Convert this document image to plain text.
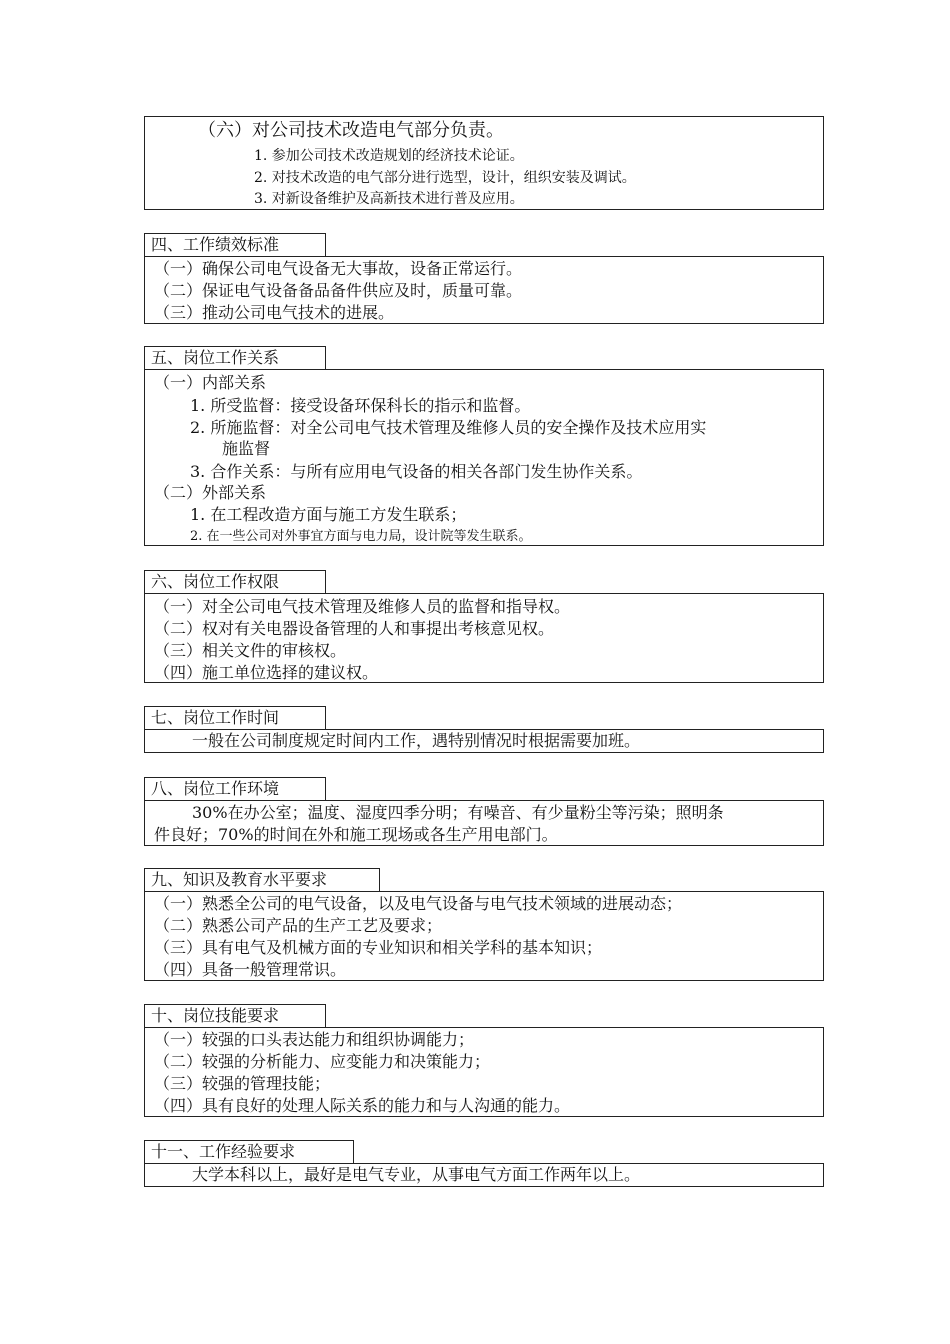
（六）对公司技术改造电气部分负责。
1. 参加公司技术改造规划的经济技术论证。
2. 对技术改造的电气部分进行选型，设计，组织安装及调试。
3. 对新设备维护及高新技术进行普及应用。
四、工作绩效标准
（一）确保公司电气设备无大事故，设备正常运行。
（二）保证电气设备备品备件供应及时，质量可靠。
（三）推动公司电气技术的进展。
五、岗位工作关系
（一）内部关系
1. 所受监督：接受设备环保科长的指示和监督。
2. 所施监督：对全公司电气技术管理及维修人员的安全操作及技术应用实
施监督
3. 合作关系：与所有应用电气设备的相关各部门发生协作关系。
（二）外部关系
1. 在工程改造方面与施工方发生联系；
2. 在一些公司对外事宜方面与电力局，设计院等发生联系。
六、岗位工作权限
（一）对全公司电气技术管理及维修人员的监督和指导权。
（二）权对有关电器设备管理的人和事提出考核意见权。
（三）相关文件的审核权。
（四）施工单位选择的建议权。
七、岗位工作时间
一般在公司制度规定时间内工作，遇特别情况时根据需要加班。
八、岗位工作环境
30%在办公室；温度、湿度四季分明；有噪音、有少量粉尘等污染；照明条
件良好；70%的时间在外和施工现场或各生产用电部门。
九、知识及教育水平要求
（一）熟悉全公司的电气设备，以及电气设备与电气技术领域的进展动态；
（二）熟悉公司产品的生产工艺及要求；
（三）具有电气及机械方面的专业知识和相关学科的基本知识；
（四）具备一般管理常识。
十、岗位技能要求
（一）较强的口头表达能力和组织协调能力；
（二）较强的分析能力、应变能力和决策能力；
（三）较强的管理技能；
（四）具有良好的处理人际关系的能力和与人沟通的能力。
十一、工作经验要求
大学本科以上，最好是电气专业，从事电气方面工作两年以上。
